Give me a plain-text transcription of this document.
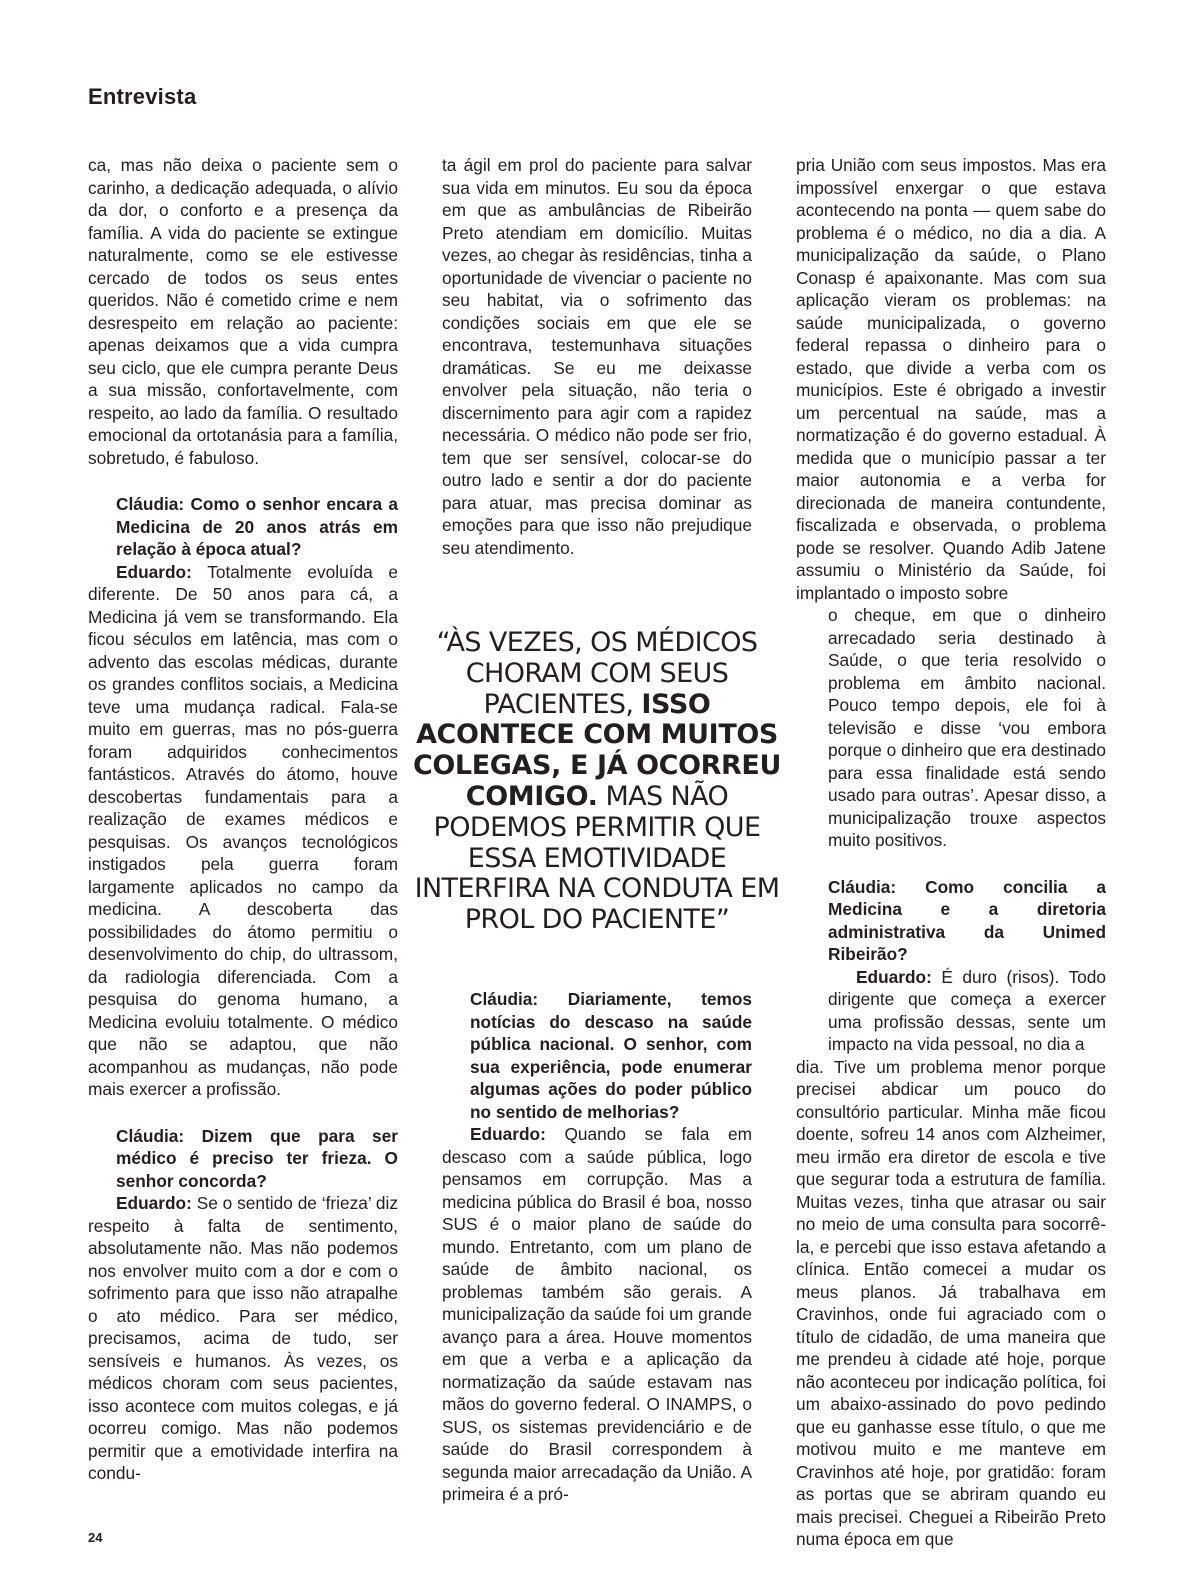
Entrevista

ca, mas não deixa o paciente sem o carinho, a dedicação adequada, o alívio da dor, o conforto e a presença da família. A vida do paciente se extingue naturalmente, como se ele estivesse cercado de todos os seus entes queridos. Não é cometido crime e nem desrespeito em relação ao paciente: apenas deixamos que a vida cumpra seu ciclo, que ele cumpra perante Deus a sua missão, confortavelmente, com respeito, ao lado da família. O resultado emocional da ortotanásia para a família, sobretudo, é fabuloso.

Cláudia: Como o senhor encara a Medicina de 20 anos atrás em relação à época atual?

Eduardo: Totalmente evoluída e diferente. De 50 anos para cá, a Medicina já vem se transformando. Ela ficou séculos em latência, mas com o advento das escolas médicas, durante os grandes conflitos sociais, a Medicina teve uma mudança radical. Fala-se muito em guerras, mas no pós-guerra foram adquiridos conhecimentos fantásticos. Através do átomo, houve descobertas fundamentais para a realização de exames médicos e pesquisas. Os avanços tecnológicos instigados pela guerra foram largamente aplicados no campo da medicina. A descoberta das possibilidades do átomo permitiu o desenvolvimento do chip, do ultrassom, da radiologia diferenciada. Com a pesquisa do genoma humano, a Medicina evoluiu totalmente. O médico que não se adaptou, que não acompanhou as mudanças, não pode mais exercer a profissão.

Cláudia: Dizem que para ser médico é preciso ter frieza. O senhor concorda?

Eduardo: Se o sentido de ‘frieza’ diz respeito à falta de sentimento, absolutamente não. Mas não podemos nos envolver muito com a dor e com o sofrimento para que isso não atrapalhe o ato médico. Para ser médico, precisamos, acima de tudo, ser sensíveis e humanos. Às vezes, os médicos choram com seus pacientes, isso acontece com muitos colegas, e já ocorreu comigo. Mas não podemos permitir que a emotividade interfira na condu-

ta ágil em prol do paciente para salvar sua vida em minutos. Eu sou da época em que as ambulâncias de Ribeirão Preto atendiam em domicílio. Muitas vezes, ao chegar às residências, tinha a oportunidade de vivenciar o paciente no seu habitat, via o sofrimento das condições sociais em que ele se encontrava, testemunhava situações dramáticas. Se eu me deixasse envolver pela situação, não teria o discernimento para agir com a rapidez necessária. O médico não pode ser frio, tem que ser sensível, colocar-se do outro lado e sentir a dor do paciente para atuar, mas precisa dominar as emoções para que isso não prejudique seu atendimento.

“ÀS VEZES, OS MÉDICOS CHORAM COM SEUS PACIENTES, ISSO ACONTECE COM MUITOS COLEGAS, E JÁ OCORREU COMIGO. MAS NÃO PODEMOS PERMITIR QUE ESSA EMOTIVIDADE INTERFIRA NA CONDUTA EM PROL DO PACIENTE”

Cláudia: Diariamente, temos notícias do descaso na saúde pública nacional. O senhor, com sua experiência, pode enumerar algumas ações do poder público no sentido de melhorias?

Eduardo: Quando se fala em descaso com a saúde pública, logo pensamos em corrupção. Mas a medicina pública do Brasil é boa, nosso SUS é o maior plano de saúde do mundo. Entretanto, com um plano de saúde de âmbito nacional, os problemas também são gerais. A municipalização da saúde foi um grande avanço para a área. Houve momentos em que a verba e a aplicação da normatização da saúde estavam nas mãos do governo federal. O INAMPS, o SUS, os sistemas previdenciário e de saúde do Brasil correspondem à segunda maior arrecadação da União. A primeira é a pró-

pria União com seus impostos. Mas era impossível enxergar o que estava acontecendo na ponta — quem sabe do problema é o médico, no dia a dia. A municipalização da saúde, o Plano Conasp é apaixonante. Mas com sua aplicação vieram os problemas: na saúde municipalizada, o governo federal repassa o dinheiro para o estado, que divide a verba com os municípios. Este é obrigado a investir um percentual na saúde, mas a normatização é do governo estadual. À medida que o município passar a ter maior autonomia e a verba for direcionada de maneira contundente, fiscalizada e observada, o problema pode se resolver. Quando Adib Jatene assumiu o Ministério da Saúde, foi implantado o imposto sobre

o cheque, em que o dinheiro arrecadado seria destinado à Saúde, o que teria resolvido o problema em âmbito nacional. Pouco tempo depois, ele foi à televisão e disse ‘vou embora porque o dinheiro que era destinado para essa finalidade está sendo usado para outras’. Apesar disso, a municipalização trouxe aspectos muito positivos.

Cláudia: Como concilia a Medicina e a diretoria administrativa da Unimed Ribeirão?

Eduardo: É duro (risos). Todo dirigente que começa a exercer uma profissão dessas, sente um impacto na vida pessoal, no dia a

dia. Tive um problema menor porque precisei abdicar um pouco do consultório particular. Minha mãe ficou doente, sofreu 14 anos com Alzheimer, meu irmão era diretor de escola e tive que segurar toda a estrutura de família. Muitas vezes, tinha que atrasar ou sair no meio de uma consulta para socorrê-la, e percebi que isso estava afetando a clínica. Então comecei a mudar os meus planos. Já trabalhava em Cravinhos, onde fui agraciado com o título de cidadão, de uma maneira que me prendeu à cidade até hoje, porque não aconteceu por indicação política, foi um abaixo-assinado do povo pedindo que eu ganhasse esse título, o que me motivou muito e me manteve em Cravinhos até hoje, por gratidão: foram as portas que se abriram quando eu mais precisei. Cheguei a Ribeirão Preto numa época em que

24
